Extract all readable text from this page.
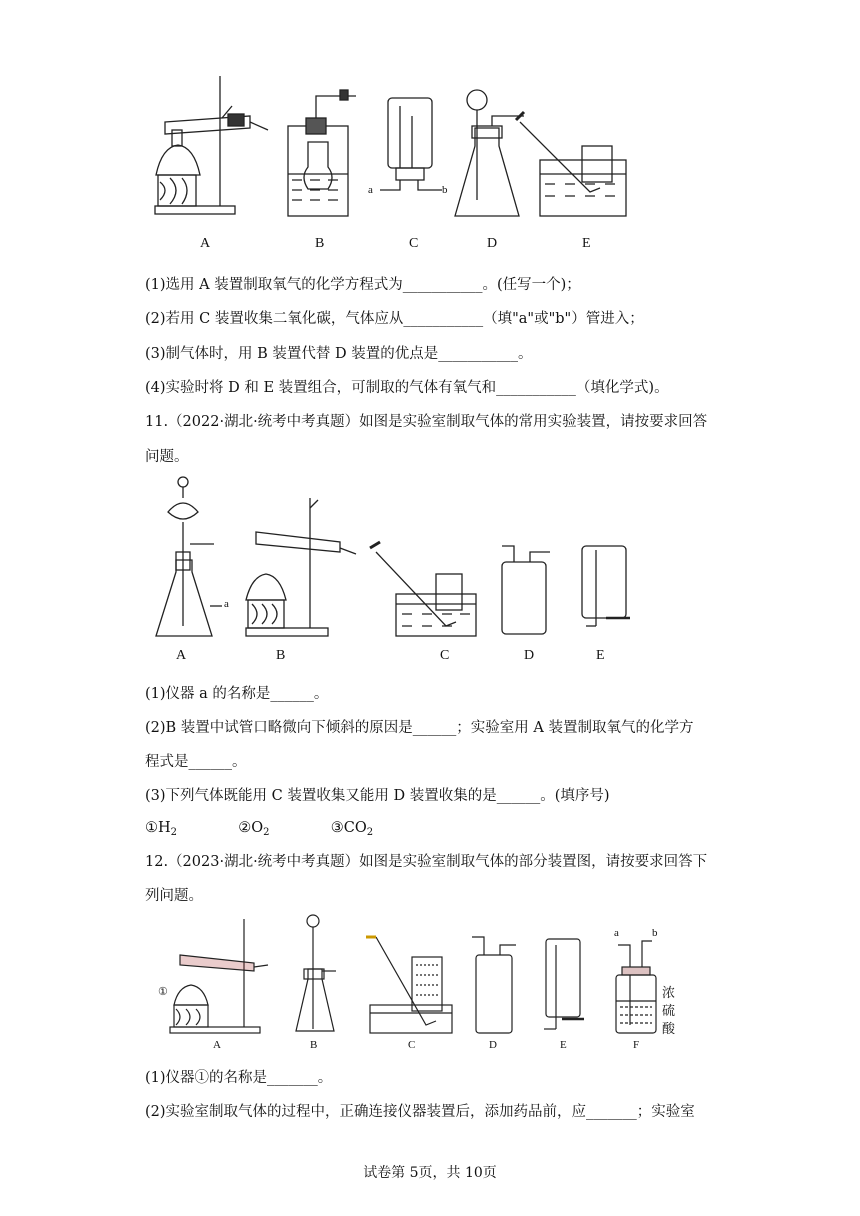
A	B	C	D	E
a	b
(1)选用 A 装置制取氧气的化学方程式为___________。(任写一个)；
(2)若用 C 装置收集二氧化碳，气体应从___________（填"a"或"b"）管进入；
(3)制气体时，用 B 装置代替 D 装置的优点是___________。
(4)实验时将 D 和 E 装置组合，可制取的气体有氧气和___________（填化学式)。
11.（2022·湖北·统考中考真题）如图是实验室制取气体的常用实验装置，请按要求回答
问题。
A	B	C	D	E
a
(1)仪器 a 的名称是______。
(2)B 装置中试管口略微向下倾斜的原因是______；实验室用 A 装置制取氧气的化学方
程式是______。
(3)下列气体既能用 C 装置收集又能用 D 装置收集的是______。(填序号)
$①H_2$	$②O_2$	$③CO_2$
12.（2023·湖北·统考中考真题）如图是实验室制取气体的部分装置图，请按要求回答下
列问题。
①
A	B	C	D	E	F
a	b
浓
硫
酸
(1)仪器①的名称是_______。
(2)实验室制取气体的过程中，正确连接仪器装置后，添加药品前，应_______；实验室
试卷第 5页，共 10页
